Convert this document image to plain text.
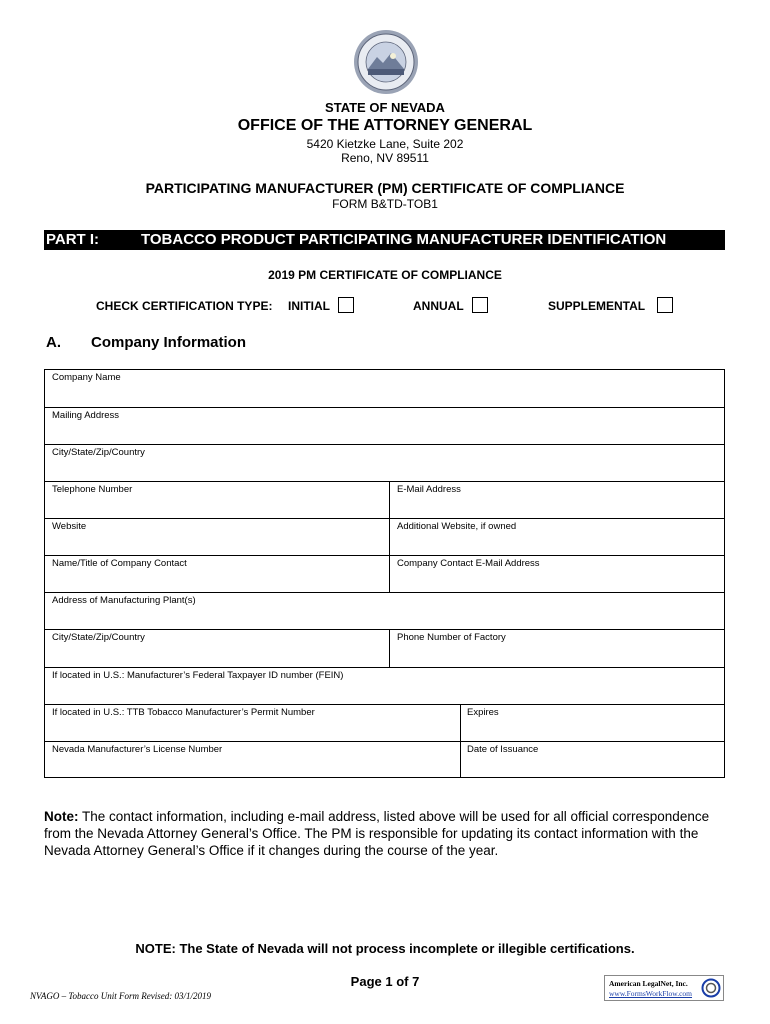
STATE OF NEVADA
OFFICE OF THE ATTORNEY GENERAL
5420 Kietzke Lane, Suite 202
Reno, NV 89511
PARTICIPATING MANUFACTURER (PM) CERTIFICATE OF COMPLIANCE
FORM B&TD-TOB1
PART I:	TOBACCO PRODUCT PARTICIPATING MANUFACTURER IDENTIFICATION
2019 PM CERTIFICATE OF COMPLIANCE
CHECK CERTIFICATION TYPE: INITIAL	ANNUAL	SUPPLEMENTAL
A. Company Information
Company Name
Mailing Address
City/State/Zip/Country
Telephone Number	E-Mail Address
Website	Additional Website, if owned
Name/Title of Company Contact	Company Contact E-Mail Address
Address of Manufacturing Plant(s)
City/State/Zip/Country	Phone Number of Factory
If located in U.S.: Manufacturer’s Federal Taxpayer ID number (FEIN)
If located in U.S.: TTB Tobacco Manufacturer’s Permit Number	Expires
Nevada Manufacturer’s License Number	Date of Issuance
Note: The contact information, including e-mail address, listed above will be used for all official correspondence from the Nevada Attorney General’s Office. The PM is responsible for updating its contact information with the Nevada Attorney General’s Office if it changes during the course of the year.
NOTE: The State of Nevada will not process incomplete or illegible certifications.
Page 1 of 7
NVAGO – Tobacco Unit Form Revised: 03/1/2019
American LegalNet, Inc.
www.FormsWorkFlow.com
